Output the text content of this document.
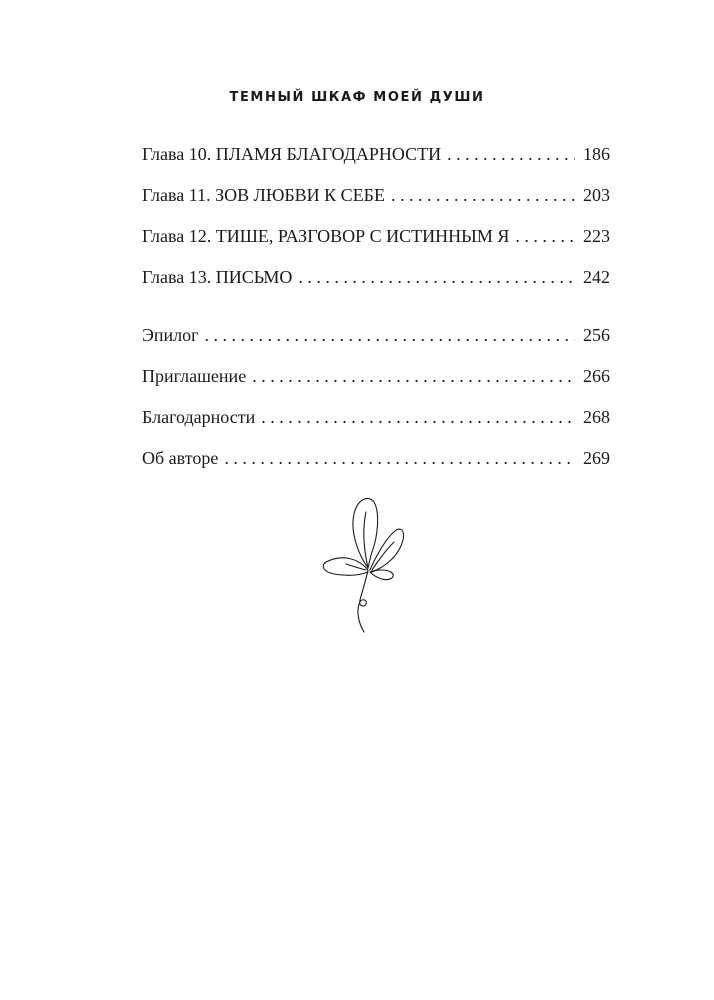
ТЕМНЫЙ ШКАФ МОЕЙ ДУШИ
Глава 10. ПЛАМЯ БЛАГОДАРНОСТИ . . .	186
Глава 11. ЗОВ ЛЮБВИ К СЕБЕ . . .	203
Глава 12. ТИШЕ, РАЗГОВОР С ИСТИННЫМ Я . . .	223
Глава 13. ПИСЬМО . . .	242
Эпилог . . .	256
Приглашение . . .	266
Благодарности . . .	268
Об авторе . . .	269
